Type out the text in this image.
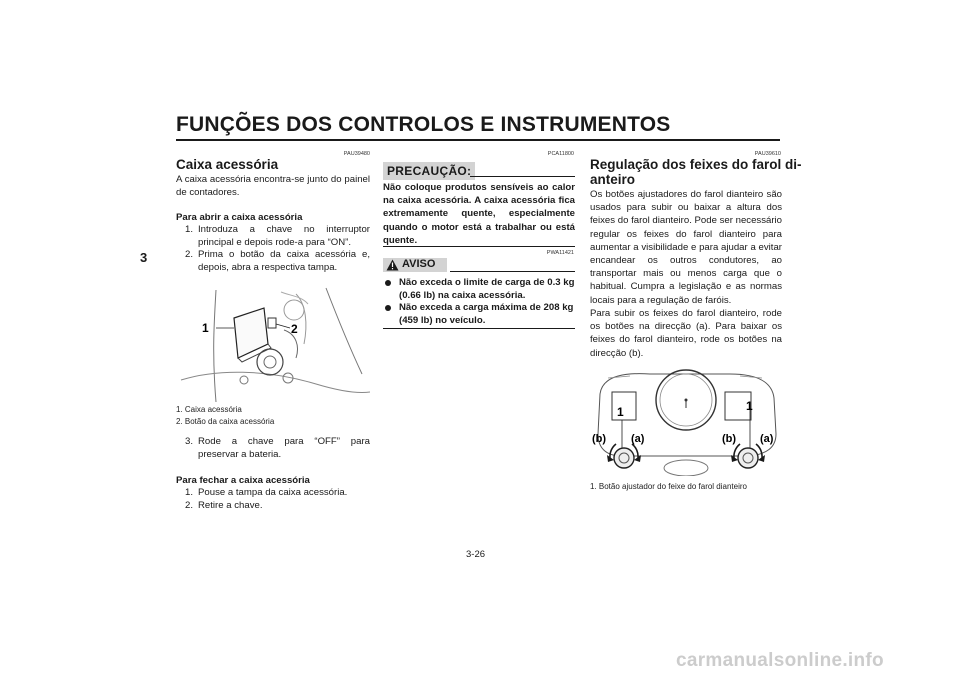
FUNÇÕES DOS CONTROLOS E INSTRUMENTOS
3
PAU39480
Caixa acessória
A caixa acessória encontra-se junto do painel de contadores.
Para abrir a caixa acessória
1. Introduza a chave no interruptor principal e depois rode-a para “ON”.
2. Prima o botão da caixa acessória e, depois, abra a respectiva tampa.
1	2
1. Caixa acessória
2. Botão da caixa acessória
3. Rode a chave para “OFF” para preservar a bateria.
Para fechar a caixa acessória
1. Pouse a tampa da caixa acessória.
2. Retire a chave.
PCA11800
PRECAUÇÃO:
Não coloque produtos sensíveis ao calor na caixa acessória. A caixa acessória fica extremamente quente, especialmente quando o motor está a trabalhar ou está quente.
PWA11421
AVISO
Não exceda o limite de carga de 0.3 kg (0.66 lb) na caixa acessória.
Não exceda a carga máxima de 208 kg (459 lb) no veículo.
PAU39610
Regulação dos feixes do farol di-
anteiro
Os botões ajustadores do farol dianteiro são usados para subir ou baixar a altura dos feixes do farol dianteiro. Pode ser necessário regular os feixes do farol dianteiro para aumentar a visibilidade e para ajudar a evitar encandear os outros condutores, ao transportar mais ou menos carga que o habitual. Cumpra a legislação e as normas locais para a regulação de faróis.
Para subir os feixes do farol dianteiro, rode os botões na direcção (a). Para baixar os feixes do farol dianteiro, rode os botões na direcção (b).
1	1
(b) (a)	(b) (a)
1. Botão ajustador do feixe do farol dianteiro
3-26
carmanualsonline.info
